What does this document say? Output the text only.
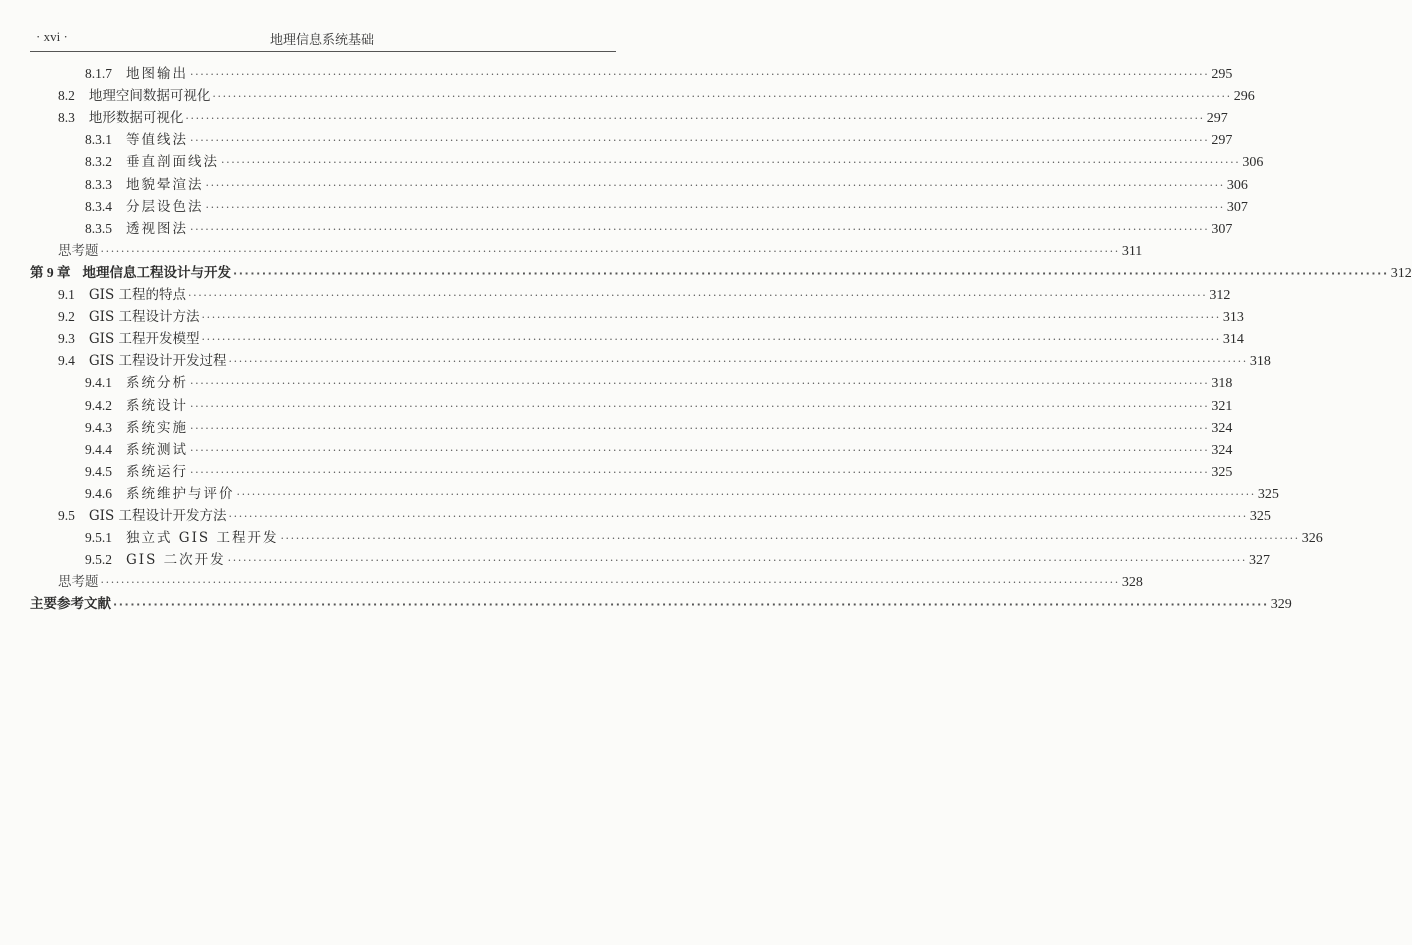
· xvi ·	地理信息系统基础
8.1.7 地图输出 ········································································································································································································ 295
8.2 地理空间数据可视化 ········································································································································································································ 296
8.3 地形数据可视化 ········································································································································································································ 297
8.3.1 等值线法 ········································································································································································································ 297
8.3.2 垂直剖面线法 ········································································································································································································ 306
8.3.3 地貌晕渲法 ········································································································································································································ 306
8.3.4 分层设色法 ········································································································································································································ 307
8.3.5 透视图法 ········································································································································································································ 307
思考题 ········································································································································································································ 311
第 9 章 地理信息工程设计与开发 ········································································································································································································ 312
9.1 GIS 工程的特点 ········································································································································································································ 312
9.2 GIS 工程设计方法 ········································································································································································································ 313
9.3 GIS 工程开发模型 ········································································································································································································ 314
9.4 GIS 工程设计开发过程 ········································································································································································································ 318
9.4.1 系统分析 ········································································································································································································ 318
9.4.2 系统设计 ········································································································································································································ 321
9.4.3 系统实施 ········································································································································································································ 324
9.4.4 系统测试 ········································································································································································································ 324
9.4.5 系统运行 ········································································································································································································ 325
9.4.6 系统维护与评价 ········································································································································································································ 325
9.5 GIS 工程设计开发方法 ········································································································································································································ 325
9.5.1 独立式 GIS 工程开发 ········································································································································································································ 326
9.5.2 GIS 二次开发 ········································································································································································································ 327
思考题 ········································································································································································································ 328
主要参考文献 ········································································································································································································ 329
